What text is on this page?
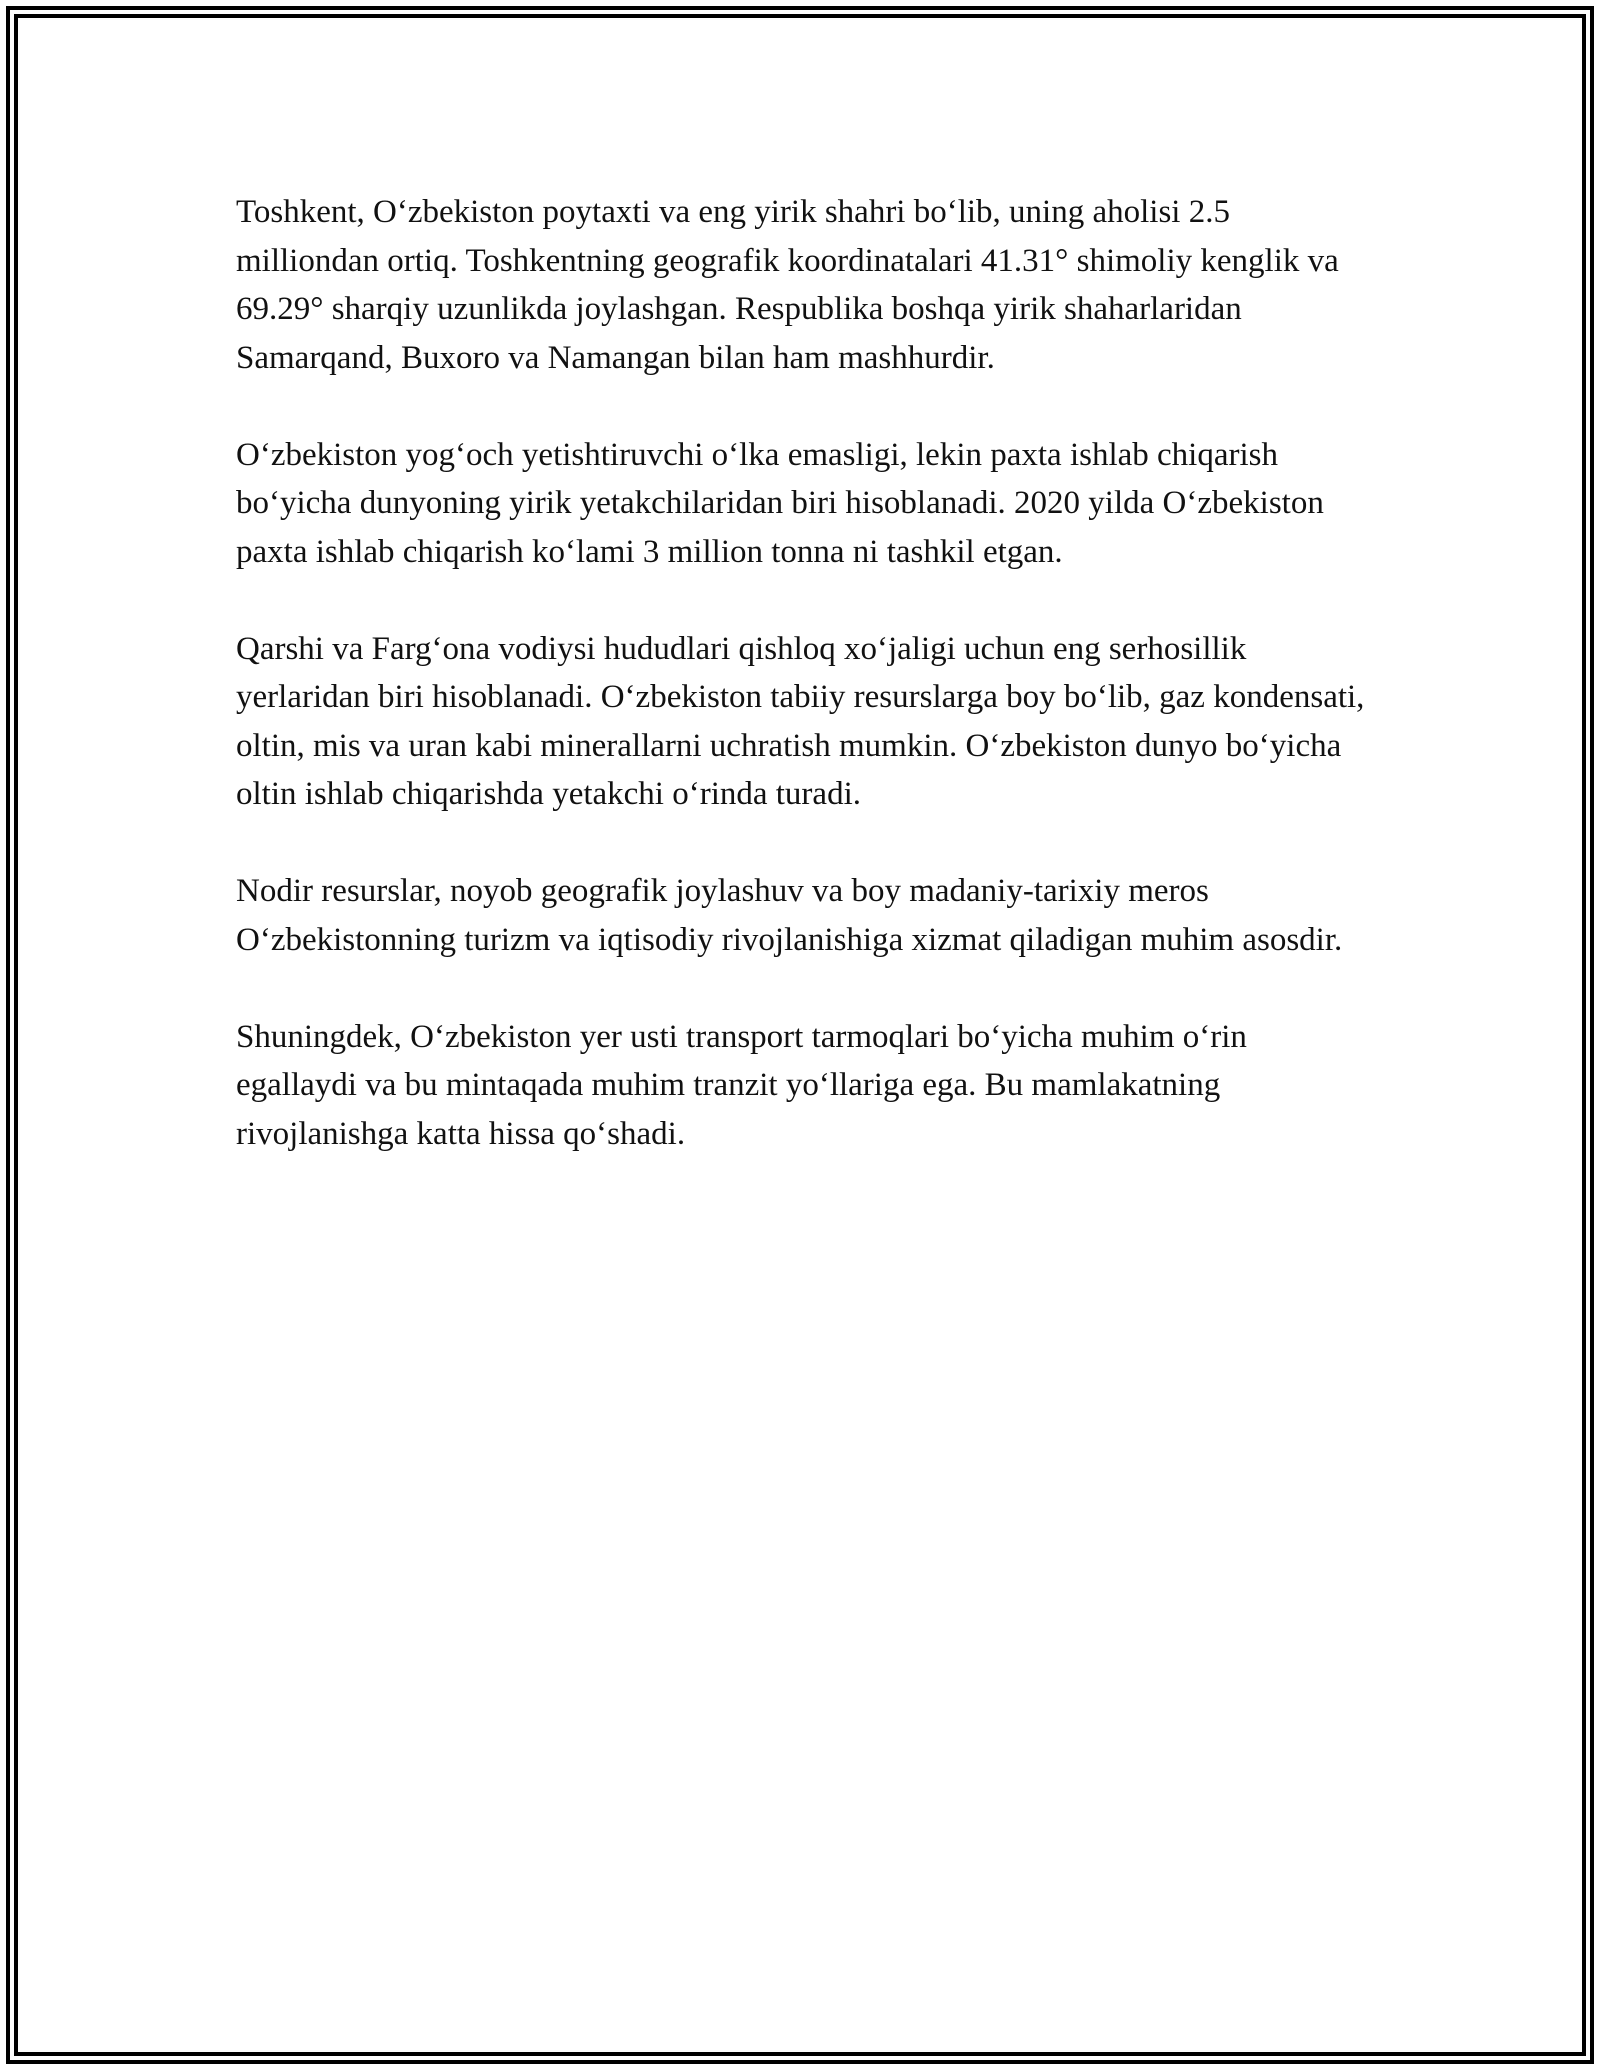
Toshkent, O‘zbekiston poytaxti va eng yirik shahri bo‘lib, uning aholisi 2.5 milliondan ortiq. Toshkentning geografik koordinatalari 41.31° shimoliy kenglik va 69.29° sharqiy uzunlikda joylashgan. Respublika boshqa yirik shaharlaridan Samarqand, Buxoro va Namangan bilan ham mashhurdir.

O‘zbekiston yog‘och yetishtiruvchi o‘lka emasligi, lekin paxta ishlab chiqarish bo‘yicha dunyoning yirik yetakchilaridan biri hisoblanadi. 2020 yilda O‘zbekiston paxta ishlab chiqarish ko‘lami 3 million tonna ni tashkil etgan.

Qarshi va Farg‘ona vodiysi hududlari qishloq xo‘jaligi uchun eng serhosillik yerlaridan biri hisoblanadi. O‘zbekiston tabiiy resurslarga boy bo‘lib, gaz kondensati, oltin, mis va uran kabi minerallarni uchratish mumkin. O‘zbekiston dunyo bo‘yicha oltin ishlab chiqarishda yetakchi o‘rinda turadi.

Nodir resurslar, noyob geografik joylashuv va boy madaniy-tarixiy meros O‘zbekistonning turizm va iqtisodiy rivojlanishiga xizmat qiladigan muhim asosdir.

Shuningdek, O‘zbekiston yer usti transport tarmoqlari bo‘yicha muhim o‘rin egallaydi va bu mintaqada muhim tranzit yo‘llariga ega. Bu mamlakatning rivojlanishga katta hissa qo‘shadi.
